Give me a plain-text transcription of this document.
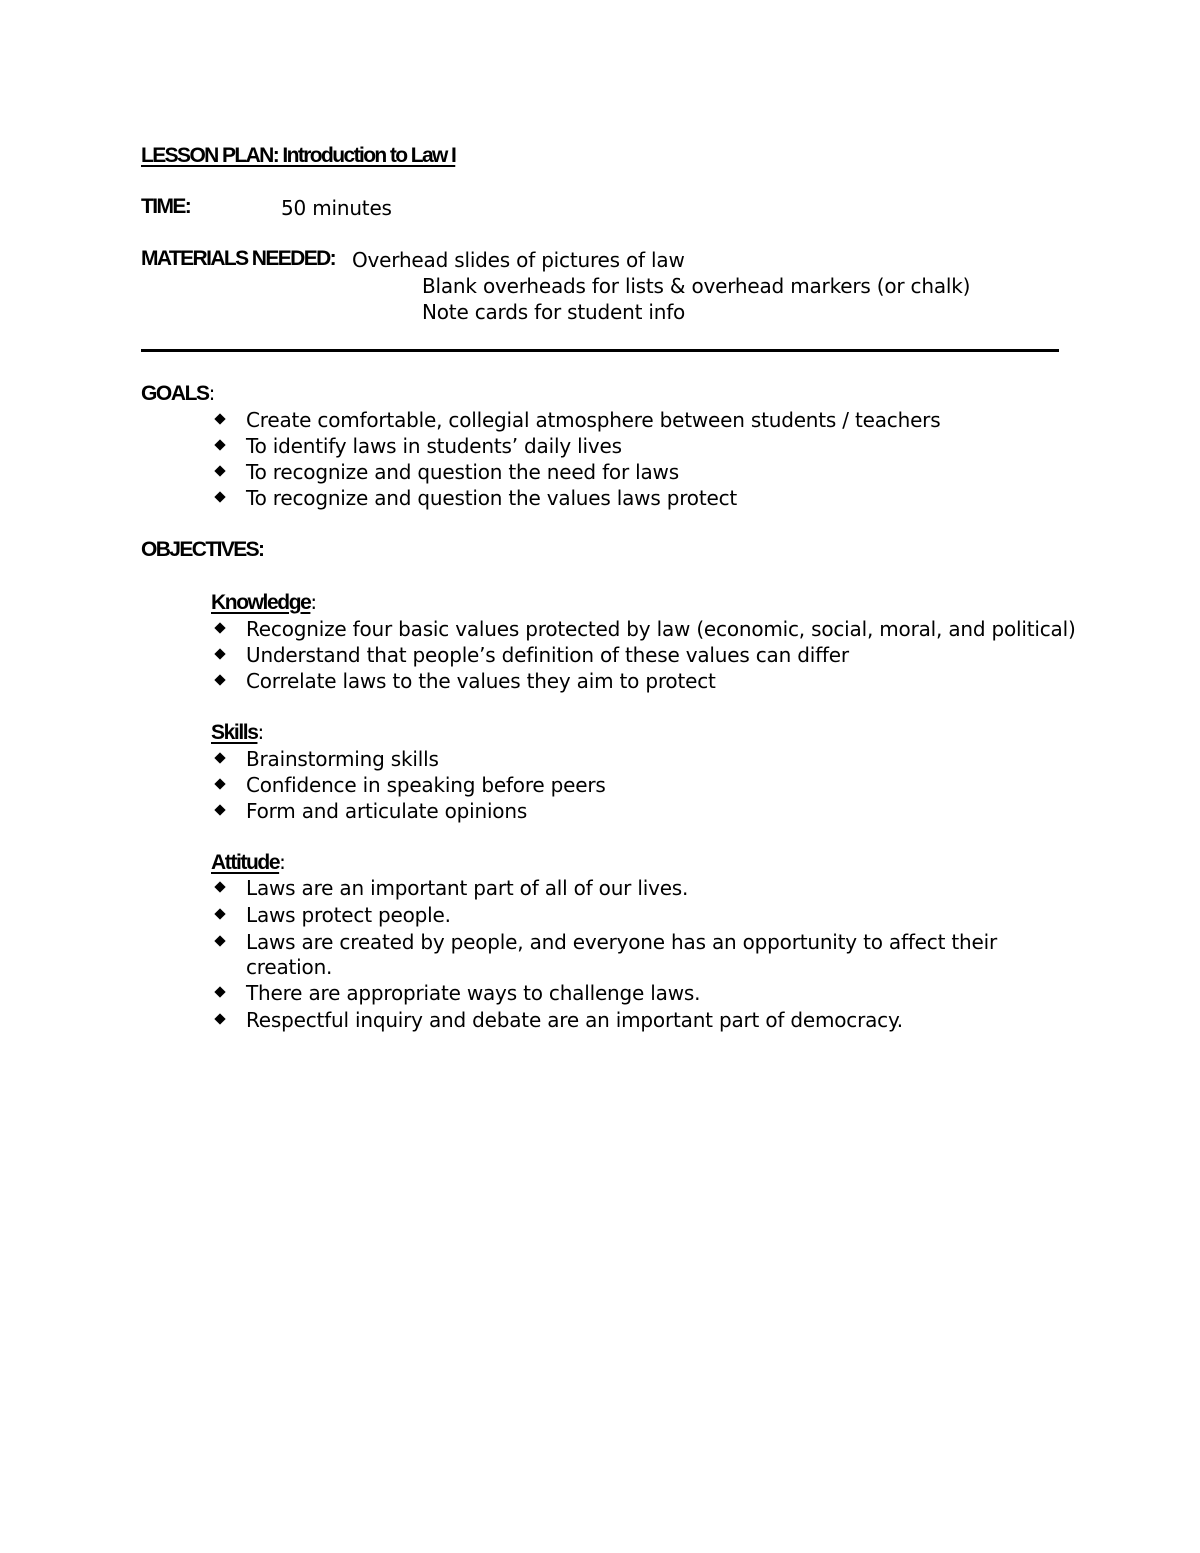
LESSON PLAN: Introduction to Law I
TIME:	50 minutes
MATERIALS NEEDED: Overhead slides of pictures of law
Blank overheads for lists & overhead markers (or chalk)
Note cards for student info
GOALS:
Create comfortable, collegial atmosphere between students / teachers
To identify laws in students’ daily lives
To recognize and question the need for laws
To recognize and question the values laws protect
OBJECTIVES:
Knowledge:
Recognize four basic values protected by law (economic, social, moral, and political)
Understand that people’s definition of these values can differ
Correlate laws to the values they aim to protect
Skills:
Brainstorming skills
Confidence in speaking before peers
Form and articulate opinions
Attitude:
Laws are an important part of all of our lives.
Laws protect people.
Laws are created by people, and everyone has an opportunity to affect their
creation.
There are appropriate ways to challenge laws.
Respectful inquiry and debate are an important part of democracy.
